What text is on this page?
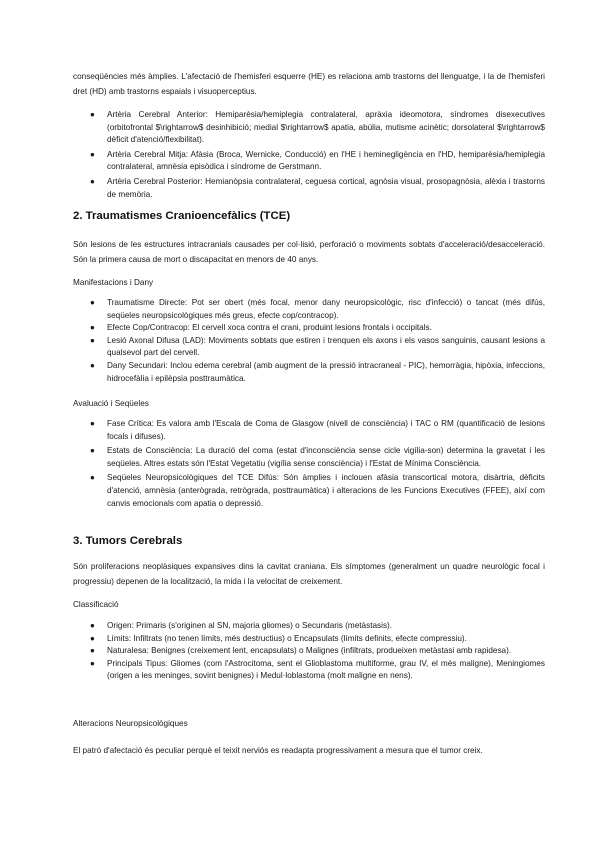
conseqüències més àmplies. L'afectació de l'hemisferi esquerre (HE) es relaciona amb trastorns del llenguatge, i la de l'hemisferi dret (HD) amb trastorns espaials i visuoperceptius.

● Artèria Cerebral Anterior: Hemiparèsia/hemiplegia contralateral, apràxia ideomotora, síndromes disexecutives (orbitofrontal $\rightarrow$ desinhibició; medial $\rightarrow$ apatia, abúlia, mutisme acinètic; dorsolateral $\rightarrow$ dèficit d'atenció/flexibilitat).
● Artèria Cerebral Mitja: Afàsia (Broca, Wernicke, Conducció) en l'HE i heminegligència en l'HD, hemiparèsia/hemiplegia contralateral, amnèsia episòdica i síndrome de Gerstmann.
● Artèria Cerebral Posterior: Hemianòpsia contralateral, ceguesa cortical, agnòsia visual, prosopagnòsia, alèxia i trastorns de memòria.
2. Traumatismes Cranioencefàlics (TCE)

Són lesions de les estructures intracranials causades per col·lisió, perforació o moviments sobtats d'acceleració/desacceleració. Són la primera causa de mort o discapacitat en menors de 40 anys.

Manifestacions i Dany

● Traumatisme Directe: Pot ser obert (més focal, menor dany neuropsicològic, risc d'infecció) o tancat (més difús, seqüeles neuropsicològiques més greus, efecte cop/contracop).
● Efecte Cop/Contracop: El cervell xoca contra el crani, produint lesions frontals i occipitals.
● Lesió Axonal Difusa (LAD): Moviments sobtats que estiren i trenquen els axons i els vasos sanguinis, causant lesions a qualsevol part del cervell.
● Dany Secundari: Inclou edema cerebral (amb augment de la pressió intracraneal - PIC), hemorràgia, hipòxia, infeccions, hidrocefàlia i epilèpsia posttraumàtica.

Avaluació i Seqüeles

● Fase Crítica: Es valora amb l'Escala de Coma de Glasgow (nivell de consciència) i TAC o RM (quantificació de lesions focals i difuses).
● Estats de Consciència: La duració del coma (estat d'inconsciència sense cicle vigília-son) determina la gravetat i les seqüeles. Altres estats són l'Estat Vegetatiu (vigília sense consciència) i l'Estat de Mínima Consciència.
● Seqüeles Neuropsicològiques del TCE Difús: Són àmplies i inclouen afàsia transcortical motora, disàrtria, dèficits d'atenció, amnèsia (anterògrada, retrògrada, posttraumàtica) i alteracions de les Funcions Executives (FFEE), així com canvis emocionals com apatia o depressió.
3. Tumors Cerebrals

Són proliferacions neoplàsiques expansives dins la cavitat craniana. Els símptomes (generalment un quadre neurològic focal i progressiu) depenen de la localització, la mida i la velocitat de creixement.

Classificació

● Origen: Primaris (s'originen al SN, majoria gliomes) o Secundaris (metàstasis).
● Límits: Infiltrats (no tenen límits, més destructius) o Encapsulats (límits definits, efecte compressiu).
● Naturalesa: Benignes (creixement lent, encapsulats) o Malignes (infiltrats, produeixen metàstasi amb rapidesa).
● Principals Tipus: Gliomes (com l'Astrocitoma, sent el Glioblastoma multiforme, grau IV, el més maligne), Meningiomes (origen a les meninges, sovint benignes) i Medul·loblastoma (molt maligne en nens).

Alteracions Neuropsicològiques

El patró d'afectació és peculiar perquè el teixit nerviós es readapta progressivament a mesura que el tumor creix.
